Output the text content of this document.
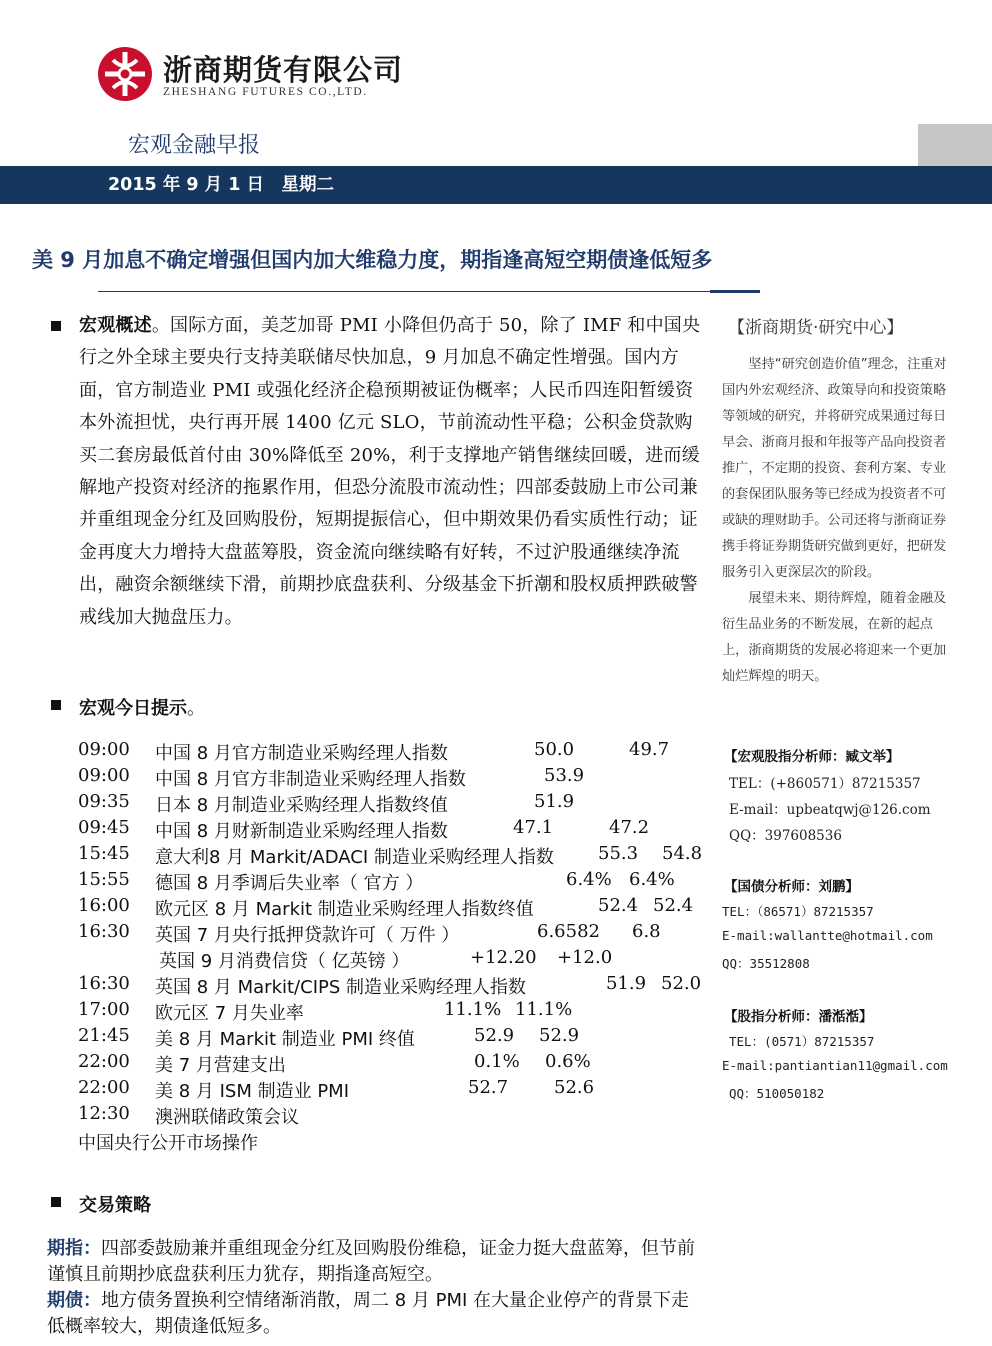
浙商期货有限公司
ZHESHANG FUTURES CO.,LTD.
宏观金融早报
2015 年 9 月 1 日　星期二
美 9 月加息不确定增强但国内加大维稳力度，期指逢高短空期债逢低短多
宏观概述。国际方面，美芝加哥 PMI 小降但仍高于 50，除了 IMF 和中国央行之外全球主要央行支持美联储尽快加息，9 月加息不确定性增强。国内方面，官方制造业 PMI 或强化经济企稳预期被证伪概率；人民币四连阳暂缓资本外流担忧，央行再开展 1400 亿元 SLO，节前流动性平稳；公积金贷款购买二套房最低首付由 30%降低至 20%，利于支撑地产销售继续回暖，进而缓解地产投资对经济的拖累作用，但恐分流股市流动性；四部委鼓励上市公司兼并重组现金分红及回购股份，短期提振信心，但中期效果仍看实质性行动；证金再度大力增持大盘蓝筹股，资金流向继续略有好转，不过沪股通继续净流出，融资余额继续下滑，前期抄底盘获利、分级基金下折潮和股权质押跌破警戒线加大抛盘压力。
宏观今日提示。
09:00 中国 8 月官方制造业采购经理人指数	50.0	49.7
09:00 中国 8 月官方非制造业采购经理人指数	53.9
09:35 日本 8 月制造业采购经理人指数终值	51.9
09:45 中国 8 月财新制造业采购经理人指数	47.1	47.2
15:45 意大利8 月 Markit/ADACI 制造业采购经理人指数 55.3 54.8
15:55 德国 8 月季调后失业率（ 官方 ）	6.4% 6.4%
16:00 欧元区 8 月 Markit 制造业采购经理人指数终值	52.4 52.4
16:30 英国 7 月央行抵押贷款许可（ 万件 ）	6.6582 6.8
英国 9 月消费信贷（ 亿英镑 ）	+12.20 +12.0
16:30 英国 8 月 Markit/CIPS 制造业采购经理人指数	51.9 52.0
17:00 欧元区 7 月失业率	11.1% 11.1%
21:45 美 8 月 Markit 制造业 PMI 终值	52.9 52.9
22:00 美 7 月营建支出	0.1% 0.6%
22:00 美 8 月 ISM 制造业 PMI	52.7	52.6
12:30 澳洲联储政策会议
中国央行公开市场操作
交易策略
期指：四部委鼓励兼并重组现金分红及回购股份维稳，证金力挺大盘蓝筹，但节前谨慎且前期抄底盘获利压力犹存，期指逢高短空。
期债：地方债务置换利空情绪渐消散，周二 8 月 PMI 在大量企业停产的背景下走低概率较大，期债逢低短多。
【浙商期货·研究中心】

坚持“研究创造价值”理念，注重对国内外宏观经济、政策导向和投资策略等领域的研究，并将研究成果通过每日早会、浙商月报和年报等产品向投资者推广，不定期的投资、套利方案、专业的套保团队服务等已经成为投资者不可或缺的理财助手。公司还将与浙商证券携手将证券期货研究做到更好，把研发服务引入更深层次的阶段。

展望未来、期待辉煌，随着金融及衍生品业务的不断发展，在新的起点上，浙商期货的发展必将迎来一个更加灿烂辉煌的明天。

【宏观股指分析师：臧文举】
TEL：(+860571）87215357
E-mail：upbeatqwj@126.com
QQ：397608536
【国债分析师：刘鹏】
TEL：（86571）87215357
E-mail:wallantte@hotmail.com
QQ：35512808
【股指分析师：潘湉湉】
TEL：(0571）87215357
E-mail:pantiantian11@gmail.com
QQ：510050182
